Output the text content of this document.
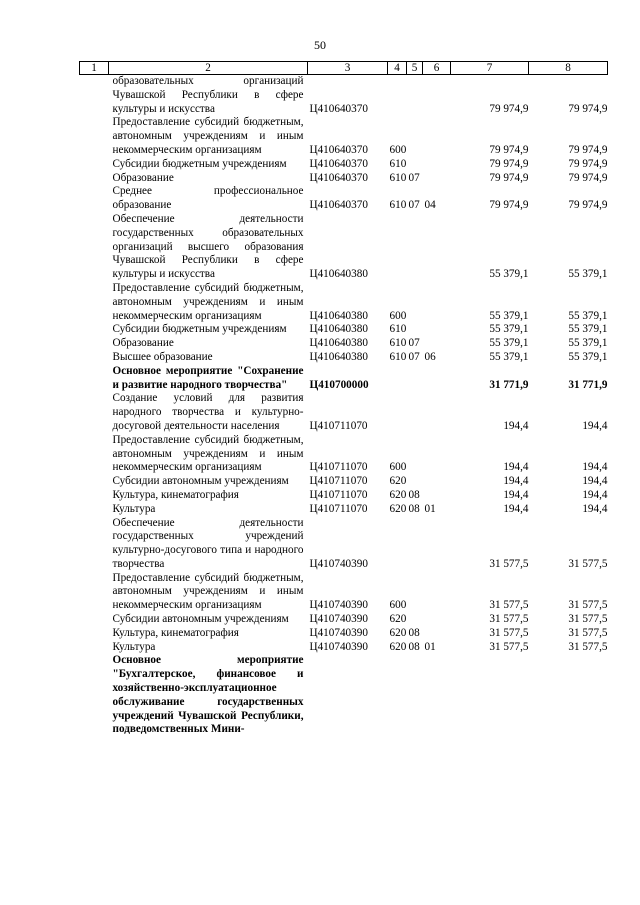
50
1	2	3	4	5	6	7	8
	образовательных организаций Чувашской Республики в сфере культуры и искусства	Ц410640370				79 974,9	79 974,9
	Предоставление субсидий бюджетным, автономным учреждениям и иным некоммерческим организациям	Ц410640370	600			79 974,9	79 974,9
	Субсидии бюджетным учреждениям	Ц410640370	610			79 974,9	79 974,9
	Образование	Ц410640370	610	07		79 974,9	79 974,9
	Среднее профессиональное образование	Ц410640370	610	07	04	79 974,9	79 974,9
	Обеспечение деятельности государственных образовательных организаций высшего образования Чувашской Республики в сфере культуры и искусства	Ц410640380				55 379,1	55 379,1
	Предоставление субсидий бюджетным, автономным учреждениям и иным некоммерческим организациям	Ц410640380	600			55 379,1	55 379,1
	Субсидии бюджетным учреждениям	Ц410640380	610			55 379,1	55 379,1
	Образование	Ц410640380	610	07		55 379,1	55 379,1
	Высшее образование	Ц410640380	610	07	06	55 379,1	55 379,1
	Основное мероприятие "Сохранение и развитие народного творчества"	Ц410700000				31 771,9	31 771,9
	Создание условий для развития народного творчества и культурно-досуговой деятельности населения	Ц410711070				194,4	194,4
	Предоставление субсидий бюджетным, автономным учреждениям и иным некоммерческим организациям	Ц410711070	600			194,4	194,4
	Субсидии автономным учреждениям	Ц410711070	620			194,4	194,4
	Культура, кинематография	Ц410711070	620	08		194,4	194,4
	Культура	Ц410711070	620	08	01	194,4	194,4
	Обеспечение деятельности государственных учреждений культурно-досугового типа и народного творчества	Ц410740390				31 577,5	31 577,5
	Предоставление субсидий бюджетным, автономным учреждениям и иным некоммерческим организациям	Ц410740390	600			31 577,5	31 577,5
	Субсидии автономным учреждениям	Ц410740390	620			31 577,5	31 577,5
	Культура, кинематография	Ц410740390	620	08		31 577,5	31 577,5
	Культура	Ц410740390	620	08	01	31 577,5	31 577,5
	Основное мероприятие "Бухгалтерское, финансовое и хозяйственно-эксплуатационное обслуживание государственных учреждений Чувашской Республики, подведомственных Мини-						
